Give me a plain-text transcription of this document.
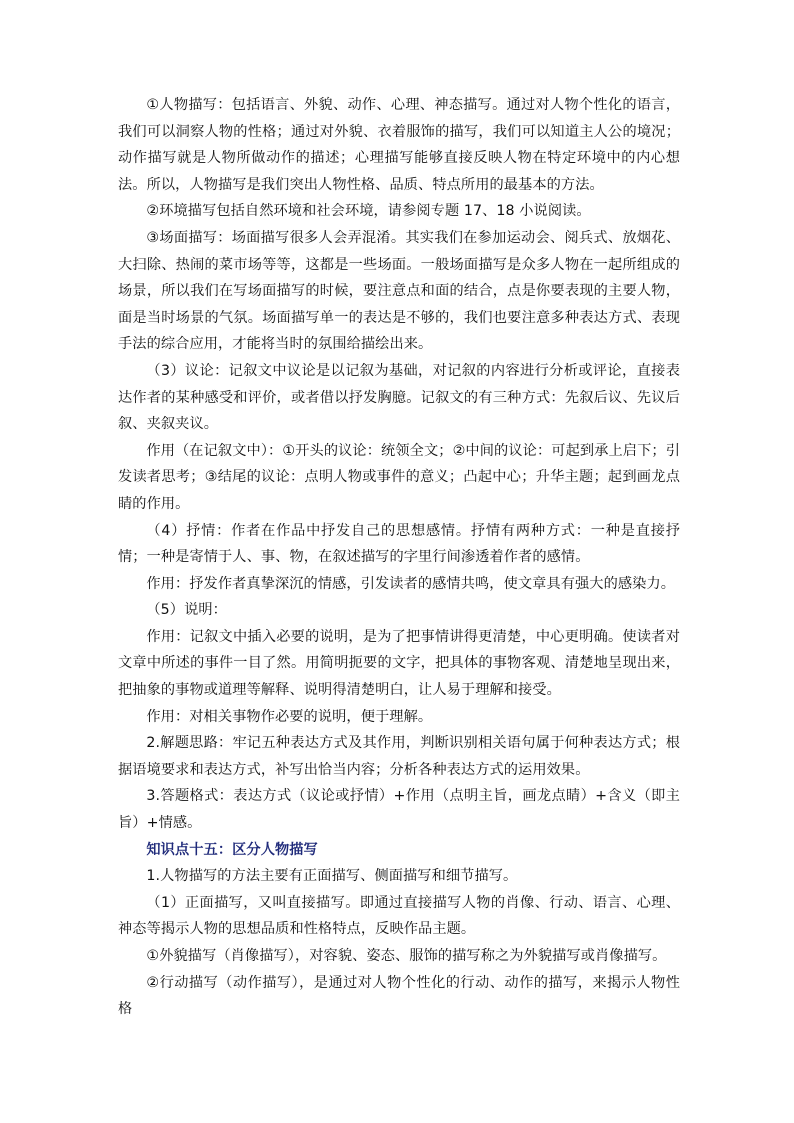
①人物描写：包括语言、外貌、动作、心理、神态描写。通过对人物个性化的语言，我们可以洞察人物的性格；通过对外貌、衣着服饰的描写，我们可以知道主人公的境况；动作描写就是人物所做动作的描述；心理描写能够直接反映人物在特定环境中的内心想法。所以，人物描写是我们突出人物性格、品质、特点所用的最基本的方法。

②环境描写包括自然环境和社会环境，请参阅专题 17、18 小说阅读。

③场面描写：场面描写很多人会弄混淆。其实我们在参加运动会、阅兵式、放烟花、大扫除、热闹的菜市场等等，这都是一些场面。一般场面描写是众多人物在一起所组成的场景，所以我们在写场面描写的时候，要注意点和面的结合，点是你要表现的主要人物，面是当时场景的气氛。场面描写单一的表达是不够的，我们也要注意多种表达方式、表现手法的综合应用，才能将当时的氛围给描绘出来。

（3）议论：记叙文中议论是以记叙为基础，对记叙的内容进行分析或评论，直接表达作者的某种感受和评价，或者借以抒发胸臆。记叙文的有三种方式：先叙后议、先议后叙、夹叙夹议。

作用（在记叙文中）：①开头的议论：统领全文；②中间的议论：可起到承上启下；引发读者思考；③结尾的议论：点明人物或事件的意义；凸起中心；升华主题；起到画龙点睛的作用。

（4）抒情：作者在作品中抒发自己的思想感情。抒情有两种方式：一种是直接抒情；一种是寄情于人、事、物，在叙述描写的字里行间渗透着作者的感情。

作用：抒发作者真挚深沉的情感，引发读者的感情共鸣，使文章具有强大的感染力。

（5）说明：

作用：记叙文中插入必要的说明，是为了把事情讲得更清楚，中心更明确。使读者对文章中所述的事件一目了然。用简明扼要的文字，把具体的事物客观、清楚地呈现出来，把抽象的事物或道理等解释、说明得清楚明白，让人易于理解和接受。

作用：对相关事物作必要的说明，便于理解。

2.解题思路：牢记五种表达方式及其作用，判断识别相关语句属于何种表达方式；根据语境要求和表达方式，补写出恰当内容；分析各种表达方式的运用效果。

3.答题格式：表达方式（议论或抒情）+作用（点明主旨，画龙点睛）+含义（即主旨）+情感。

知识点十五：区分人物描写

1.人物描写的方法主要有正面描写、侧面描写和细节描写。

（1）正面描写，又叫直接描写。即通过直接描写人物的肖像、行动、语言、心理、神态等揭示人物的思想品质和性格特点，反映作品主题。

①外貌描写（肖像描写），对容貌、姿态、服饰的描写称之为外貌描写或肖像描写。

②行动描写（动作描写），是通过对人物个性化的行动、动作的描写，来揭示人物性格
